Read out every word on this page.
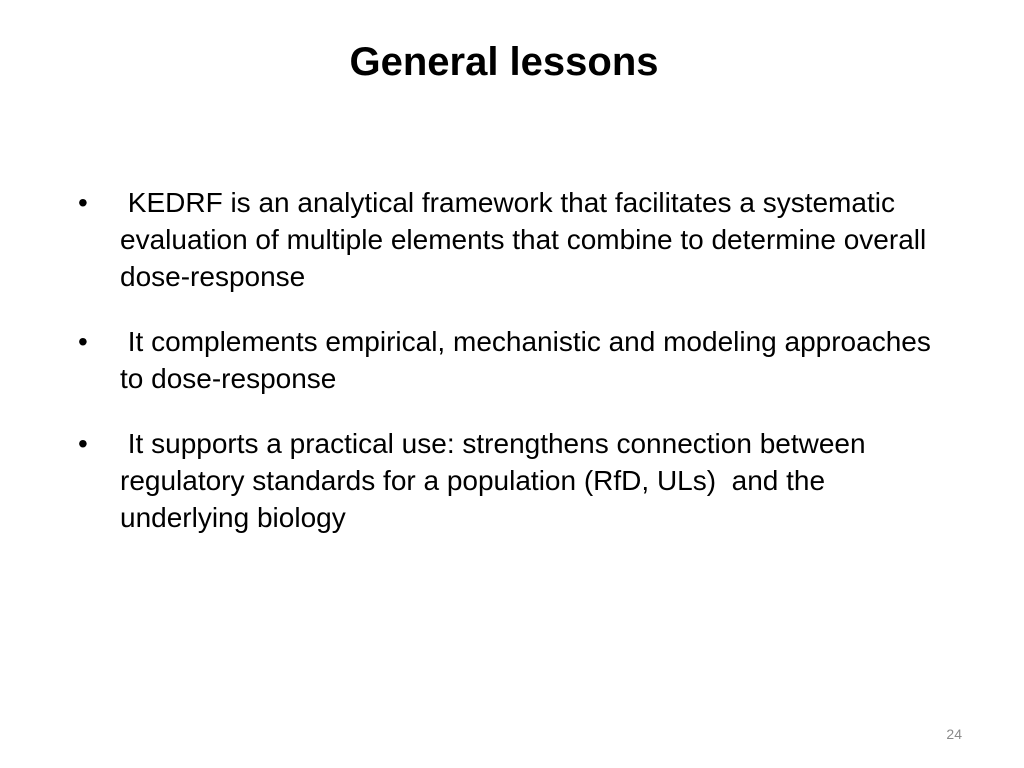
General lessons
• KEDRF is an analytical framework that facilitates a systematic evaluation of multiple elements that combine to determine overall dose-response
• It complements empirical, mechanistic and modeling approaches to dose-response
• It supports a practical use: strengthens connection between regulatory standards for a population (RfD, ULs)  and the underlying biology
24
